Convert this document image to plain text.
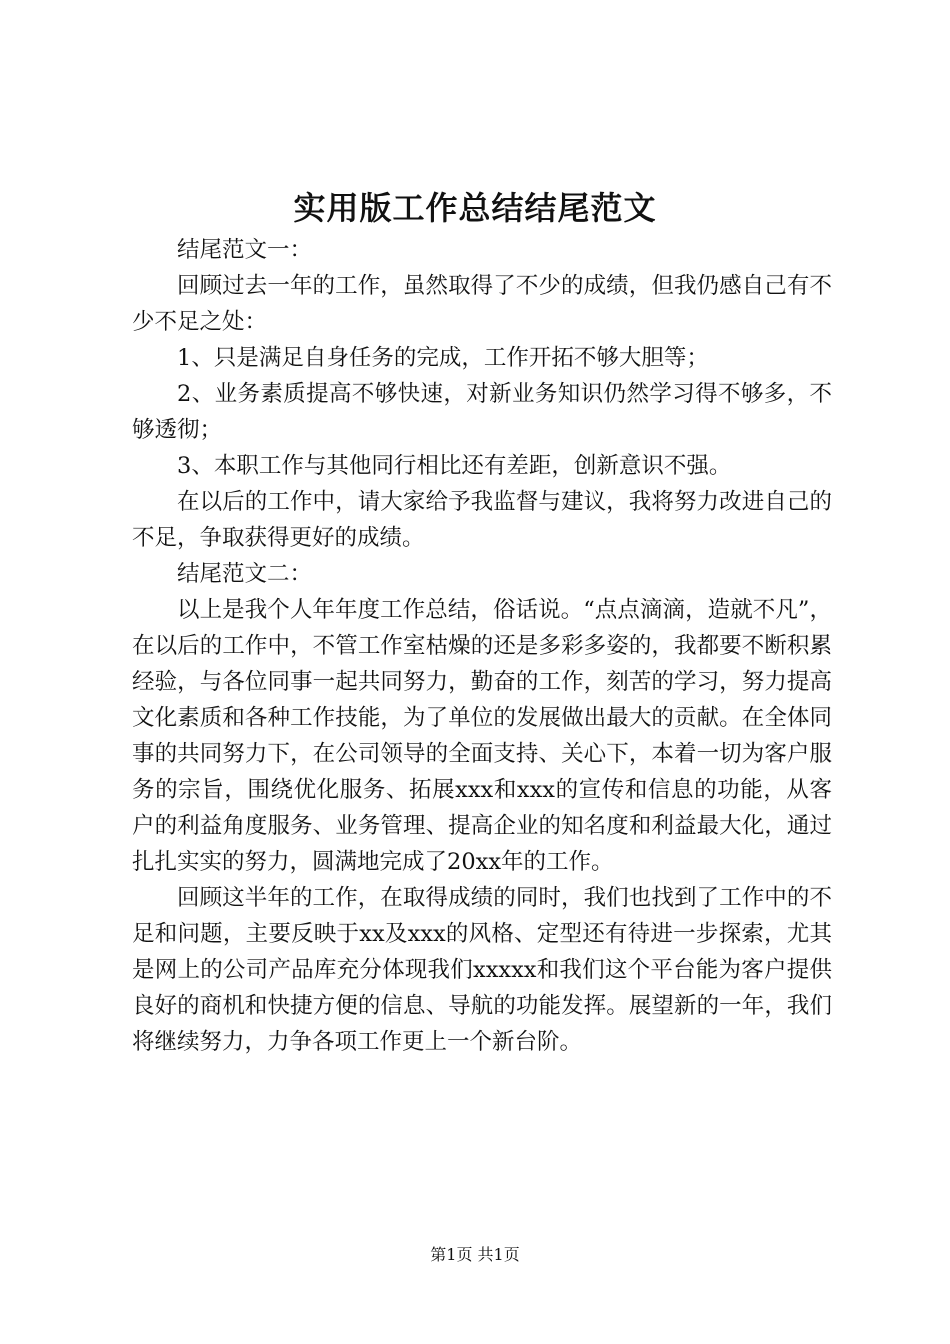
实用版工作总结结尾范文

结尾范文一：

回顾过去一年的工作，虽然取得了不少的成绩，但我仍感自己有不少不足之处：

1、只是满足自身任务的完成，工作开拓不够大胆等；

2、业务素质提高不够快速，对新业务知识仍然学习得不够多，不够透彻；

3、本职工作与其他同行相比还有差距，创新意识不强。

在以后的工作中，请大家给予我监督与建议，我将努力改进自己的不足，争取获得更好的成绩。

结尾范文二：

以上是我个人年年度工作总结，俗话说。“点点滴滴，造就不凡”，在以后的工作中，不管工作室枯燥的还是多彩多姿的，我都要不断积累经验，与各位同事一起共同努力，勤奋的工作，刻苦的学习，努力提高文化素质和各种工作技能，为了单位的发展做出最大的贡献。在全体同事的共同努力下，在公司领导的全面支持、关心下，本着一切为客户服务的宗旨，围绕优化服务、拓展xxx和xxx的宣传和信息的功能，从客户的利益角度服务、业务管理、提高企业的知名度和利益最大化，通过扎扎实实的努力，圆满地完成了20xx年的工作。

回顾这半年的工作，在取得成绩的同时，我们也找到了工作中的不足和问题，主要反映于xx及xxx的风格、定型还有待进一步探索，尤其是网上的公司产品库充分体现我们xxxxx和我们这个平台能为客户提供良好的商机和快捷方便的信息、导航的功能发挥。展望新的一年，我们将继续努力，力争各项工作更上一个新台阶。

第1页 共1页
